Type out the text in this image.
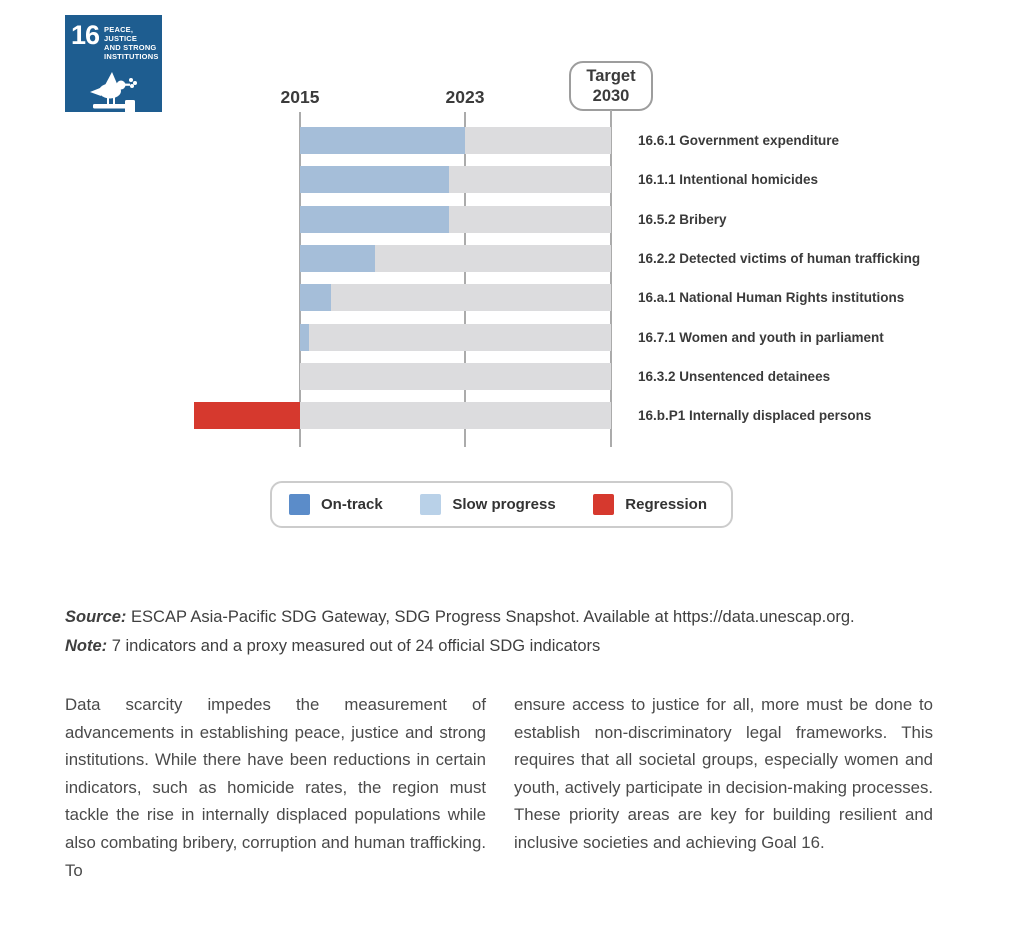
16 PEACE, JUSTICE
AND STRONG
INSTITUTIONS
2015	2023
Target
2030
16.6.1 Government expenditure
16.1.1 Intentional homicides
16.5.2 Bribery
16.2.2 Detected victims of human trafficking
16.a.1 National Human Rights institutions
16.7.1 Women and youth in parliament
16.3.2 Unsentenced detainees
16.b.P1 Internally displaced persons
On-track	Slow progress	Regression
Source: ESCAP Asia-Pacific SDG Gateway, SDG Progress Snapshot. Available at https://data.unescap.org.
Note: 7 indicators and a proxy measured out of 24 official SDG indicators
Data scarcity impedes the measurement of advancements in establishing peace, justice and strong institutions. While there have been reductions in certain indicators, such as homicide rates, the region must tackle the rise in internally displaced populations while also combating bribery, corruption and human trafficking. To
ensure access to justice for all, more must be done to establish non-discriminatory legal frameworks. This requires that all societal groups, especially women and youth, actively participate in decision-making processes. These priority areas are key for building resilient and inclusive societies and achieving Goal 16.
